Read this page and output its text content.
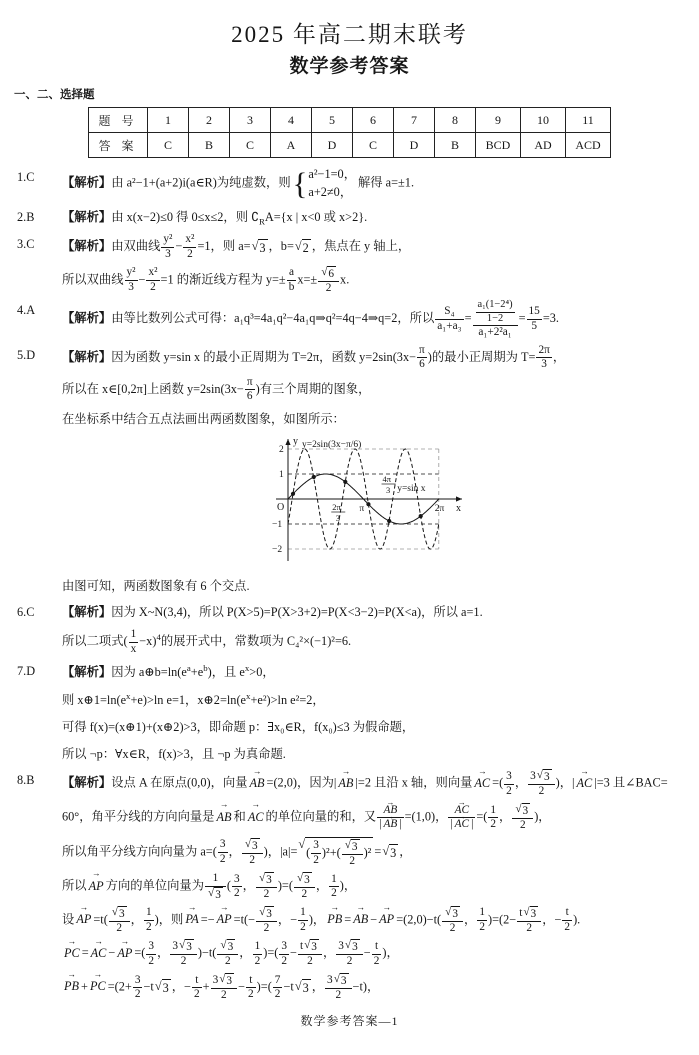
2025 年高二期末联考
数学参考答案
一、二、选择题
题 号	1	2	3	4	5	6	7	8	9	10	11
答 案	C	B	C	A	D	C	D	B	BCD	AD	ACD
1.C 【解析】由 a²−1+(a+2)i(a∈R)为纯虚数，则 { a²−1=0，
a+2≠0，
解得 a=±1.
2.B 【解析】由 x(x−2)≤0 得 0≤x≤2，则 $∁_RA=\{x$ | x<0 或 x>2}.
3.C 【解析】由双曲线 $\frac{\text{y²}}{3} - \frac{\text{x²}}{2} =1$，则 a= √ 3 ，b= √ 2 ，焦点在 y 轴上，
所以双曲线 $\frac{\text{y²}}{3} - \frac{\text{x²}}{2} =1$ 的渐近线方程为 $y=\pm \frac{a}{b} x=\pm \frac{√ 6}{2} x$.
4.A
【解析】由等比数列公式可得：a₁q³=4a₁q²−4a₁q⇒q²=4q−4⇒q=2，所以 $\frac{\text{S₄}}{\text{a₁+a₃}} = \frac{\frac{\text{a₁(1−2⁴)}}{1-2}}{\text{a₁+2²a₁}} = \frac{15}{5} =3$.
5.D 【解析】因为函数 y=sin x 的最小正周期为 T=2π，函数 $y=2\sin(3x- \frac{\pi}{6}$ )的最小正周期为 $T= \frac{2\pi}{3}$ ，
所以在 x∈[0,2π]上函数 $y=2\sin(3x- \frac{\pi}{6}$ )有三个周期的图象，
在坐标系中结合五点法画出两函数图象，如图所示：
y
x
O
y=2sin(3x−π/6)
y=sin x
2
1
−1
−2
2π
3
π
4π
3
2π
由图可知，两函数图象有 6 个交点.
6.C 【解析】因为 X~N(3,4)，所以 P(X>5)=P(X>3+2)=P(X<3−2)=P(X<a)，所以 a=1.
所以二项式( $\frac{1}{x} -x)^4$的展开式中，常数项为 C₄²×(−1)²=6.
7.D 【解析】因为 $a\oplus b=\ln(e^a+e^b)$，且 $e^x>0$，
则 $x\oplus 1=\ln(e^x+e)>\ln$ e=1，$x\oplus 2=\ln(e^x+e^2)>\ln$ e²=2，
可得 f(x)=(x⊕1)+(x⊕2)>3，即命题 p：∃x₀∈R，f(x₀)≤3 为假命题，
所以 ¬p：∀x∈R，f(x)>3，且 ¬p 为真命题.
8.B 【解析】设点 A 在原点(0,0)，向量 → AB =(2,0)，因为| → AB |=2 且沿 x 轴，则向量 → AC =( $\frac{3}{2}$ ， $\frac{3 √ 3}{2}$ )，| → AC |=3 且∠BAC=
60°，角平分线的方向向量是 → AB 和 → AC 的单位向量的和，又 → $\frac{AB}{| \to AB |} =(1,0)$， → $\frac{AC}{| \to AC |}$ =( $\frac{1}{2}$ ， $\frac{√ 3}{2}$ )，
所以角平分线方向向量为 $a=( \frac{3}{2}$ ， $\frac{√ 3}{2}$ )，|a|=
√
( $\frac{3}{2} )^2+( \frac{√ 3}{2} )^2$ = √ 3 ，
所以 → AP 方向的单位向量为 $\frac{1}{√ 3}$ ( $\frac{3}{2}$ ， $\frac{√ 3}{2}$ )=( $\frac{√ 3}{2}$ ， $\frac{1}{2}$ )，
设 → AP $=t( \frac{√ 3}{2}$ ， $\frac{1}{2}$ )，则 → PA =− → AP $=t(- \frac{√ 3}{2}$ ，− $\frac{1}{2}$ )， → PB = → AB − → AP $=(2,0)-t( \frac{√ 3}{2}$ ， $\frac{1}{2} )=(2- \frac{t √ 3}{2}$ ，− $\frac{t}{2}$ ).
→ PC = → AC − → AP =( $\frac{3}{2}$ ， $\frac{3 √ 3}{2} )-t( \frac{√ 3}{2}$ ， $\frac{1}{2}$ )=( $\frac{3}{2} - \frac{t √ 3}{2}$ ， $\frac{3 √ 3}{2} - \frac{t}{2}$ )，
→ PB + → PC $=(2+ \frac{3}{2} -t$ √ 3 ，− $\frac{t}{2} + \frac{3 √ 3}{2} - \frac{t}{2}$ )=( $\frac{7}{2} -t$ √ 3 ， $\frac{3 √ 3}{2} -t$)，
数学参考答案—1
